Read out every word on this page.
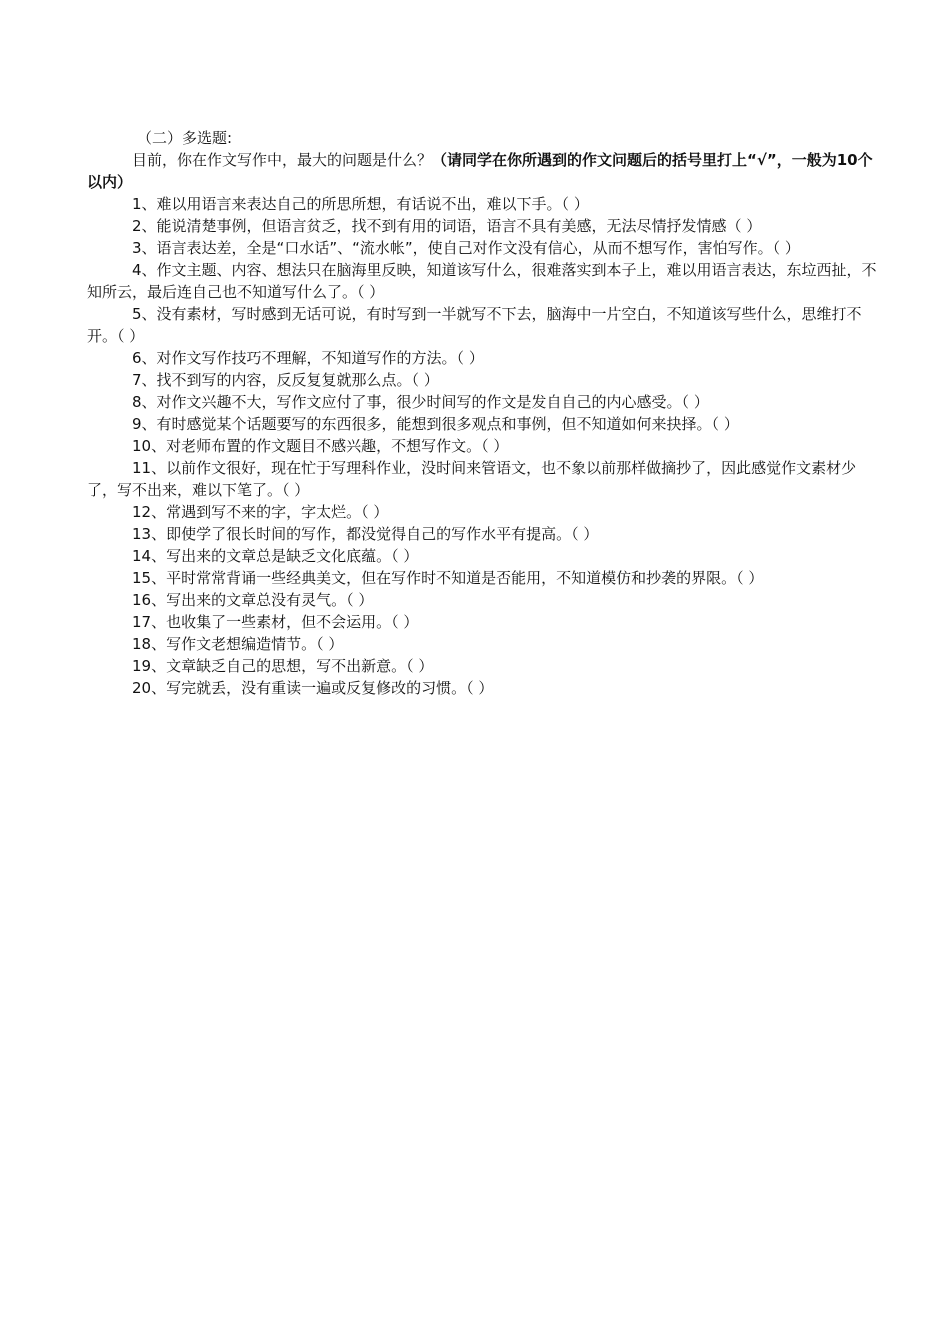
（二）多选题:

目前，你在作文写作中，最大的问题是什么？（请同学在你所遇到的作文问题后的括号里打上“√”，一般为10个以内）

1、难以用语言来表达自己的所思所想，有话说不出，难以下手。（ ）

2、能说清楚事例，但语言贫乏，找不到有用的词语，语言不具有美感，无法尽情抒发情感（ ）

3、语言表达差，全是“口水话”、“流水帐”，使自己对作文没有信心，从而不想写作，害怕写作。（ ）

4、作文主题、内容、想法只在脑海里反映，知道该写什么，很难落实到本子上，难以用语言表达，东垃西扯，不知所云，最后连自己也不知道写什么了。（ ）

5、没有素材，写时感到无话可说，有时写到一半就写不下去，脑海中一片空白，不知道该写些什么，思维打不开。（ ）

6、对作文写作技巧不理解，不知道写作的方法。（ ）

7、找不到写的内容，反反复复就那么点。（ ）

8、对作文兴趣不大，写作文应付了事，很少时间写的作文是发自自己的内心感受。（ ）

9、有时感觉某个话题要写的东西很多，能想到很多观点和事例，但不知道如何来抉择。（ ）

10、对老师布置的作文题目不感兴趣，不想写作文。（ ）

11、以前作文很好，现在忙于写理科作业，没时间来管语文，也不象以前那样做摘抄了，因此感觉作文素材少了，写不出来，难以下笔了。（ ）

12、常遇到写不来的字，字太烂。（ ）

13、即使学了很长时间的写作，都没觉得自己的写作水平有提高。（ ）

14、写出来的文章总是缺乏文化底蕴。（ ）

15、平时常常背诵一些经典美文，但在写作时不知道是否能用，不知道模仿和抄袭的界限。（ ）

16、写出来的文章总没有灵气。（ ）

17、也收集了一些素材，但不会运用。（ ）

18、写作文老想编造情节。（ ）

19、文章缺乏自己的思想，写不出新意。（ ）

20、写完就丢，没有重读一遍或反复修改的习惯。（ ）
